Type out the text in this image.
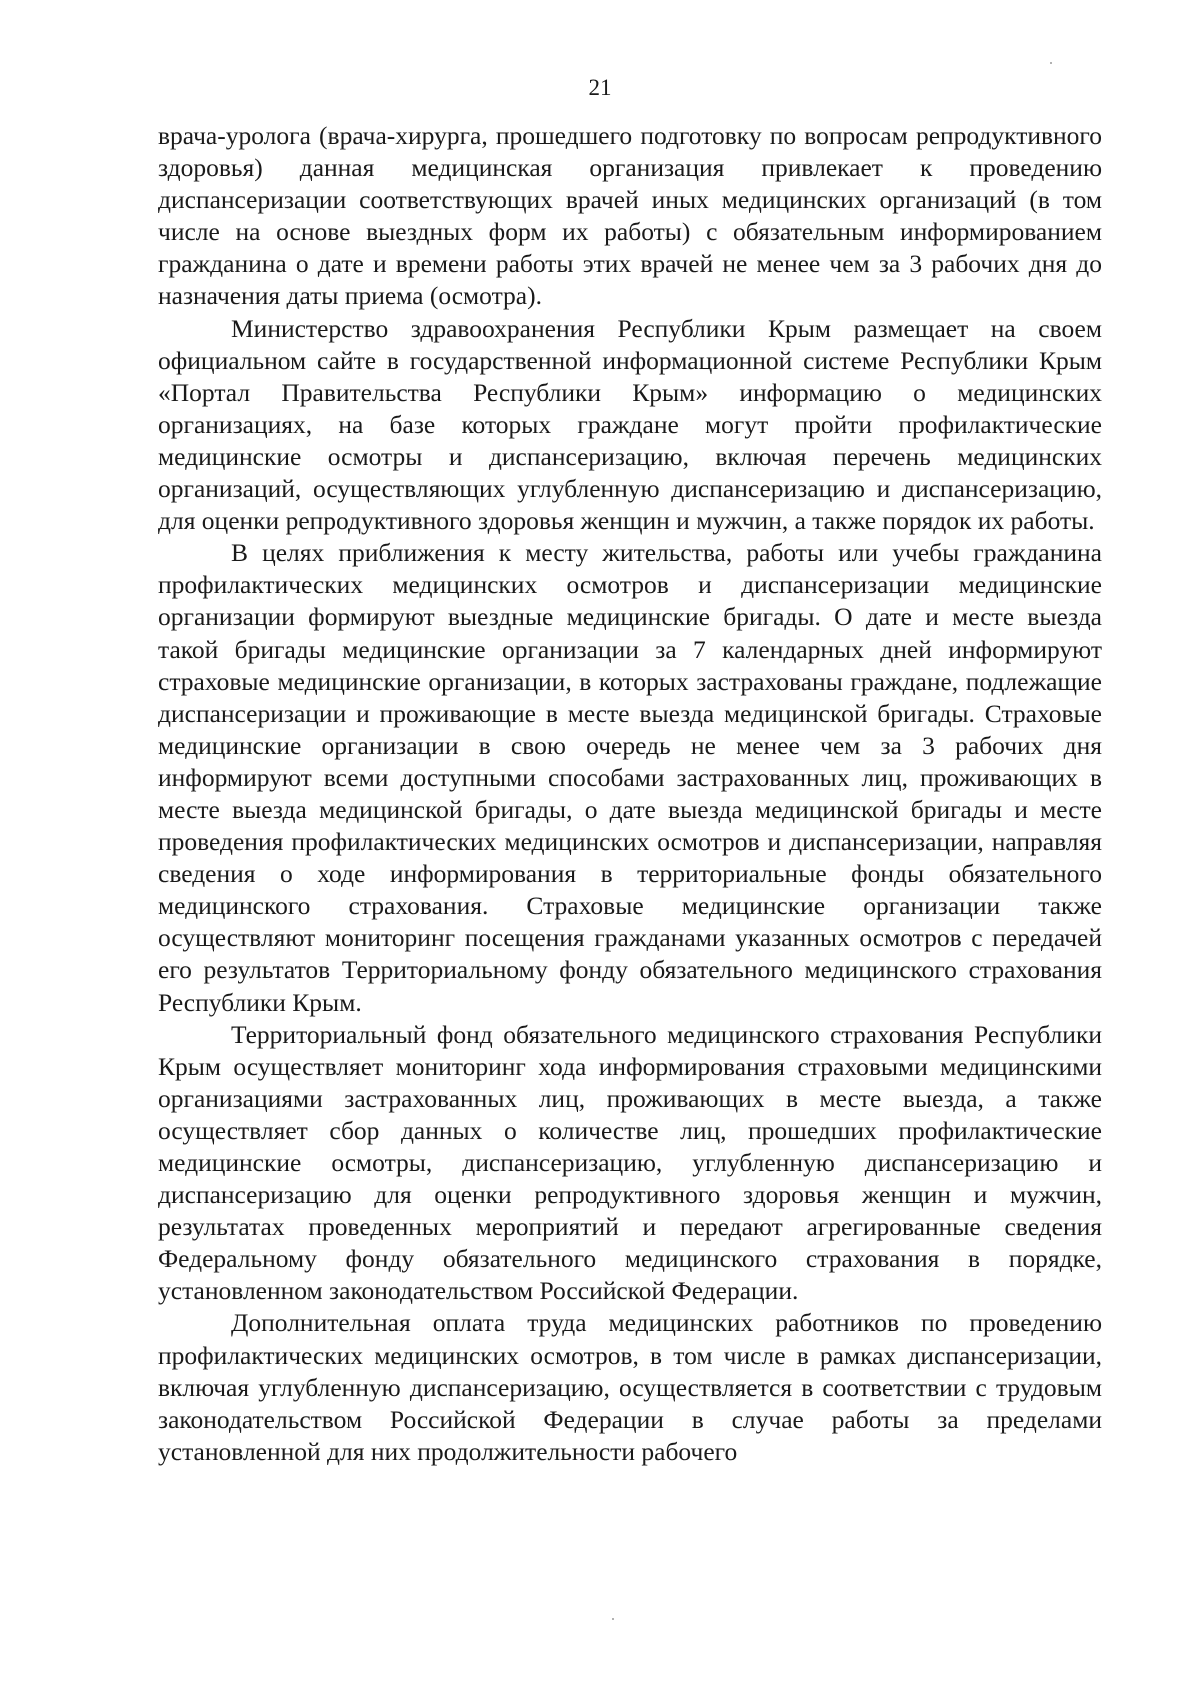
21

врача-уролога (врача-хирурга, прошедшего подготовку по вопросам репродуктивного здоровья) данная медицинская организация привлекает к проведению диспансеризации соответствующих врачей иных медицинских организаций (в том числе на основе выездных форм их работы) с обязательным информированием гражданина о дате и времени работы этих врачей не менее чем за 3 рабочих дня до назначения даты приема (осмотра).

Министерство здравоохранения Республики Крым размещает на своем официальном сайте в государственной информационной системе Республики Крым «Портал Правительства Республики Крым» информацию о медицинских организациях, на базе которых граждане могут пройти профилактические медицинские осмотры и диспансеризацию, включая перечень медицинских организаций, осуществляющих углубленную диспансеризацию и диспансеризацию, для оценки репродуктивного здоровья женщин и мужчин, а также порядок их работы.

В целях приближения к месту жительства, работы или учебы гражданина профилактических медицинских осмотров и диспансеризации медицинские организации формируют выездные медицинские бригады. О дате и месте выезда такой бригады медицинские организации за 7 календарных дней информируют страховые медицинские организации, в которых застрахованы граждане, подлежащие диспансеризации и проживающие в месте выезда медицинской бригады. Страховые медицинские организации в свою очередь не менее чем за 3 рабочих дня информируют всеми доступными способами застрахованных лиц, проживающих в месте выезда медицинской бригады, о дате выезда медицинской бригады и месте проведения профилактических медицинских осмотров и диспансеризации, направляя сведения о ходе информирования в территориальные фонды обязательного медицинского страхования. Страховые медицинские организации также осуществляют мониторинг посещения гражданами указанных осмотров с передачей его результатов Территориальному фонду обязательного медицинского страхования Республики Крым.

Территориальный фонд обязательного медицинского страхования Республики Крым осуществляет мониторинг хода информирования страховыми медицинскими организациями застрахованных лиц, проживающих в месте выезда, а также осуществляет сбор данных о количестве лиц, прошедших профилактические медицинские осмотры, диспансеризацию, углубленную диспансеризацию и диспансеризацию для оценки репродуктивного здоровья женщин и мужчин, результатах проведенных мероприятий и передают агрегированные сведения Федеральному фонду обязательного медицинского страхования в порядке, установленном законодательством Российской Федерации.

Дополнительная оплата труда медицинских работников по проведению профилактических медицинских осмотров, в том числе в рамках диспансеризации, включая углубленную диспансеризацию, осуществляется в соответствии с трудовым законодательством Российской Федерации в случае работы за пределами установленной для них продолжительности рабочего
